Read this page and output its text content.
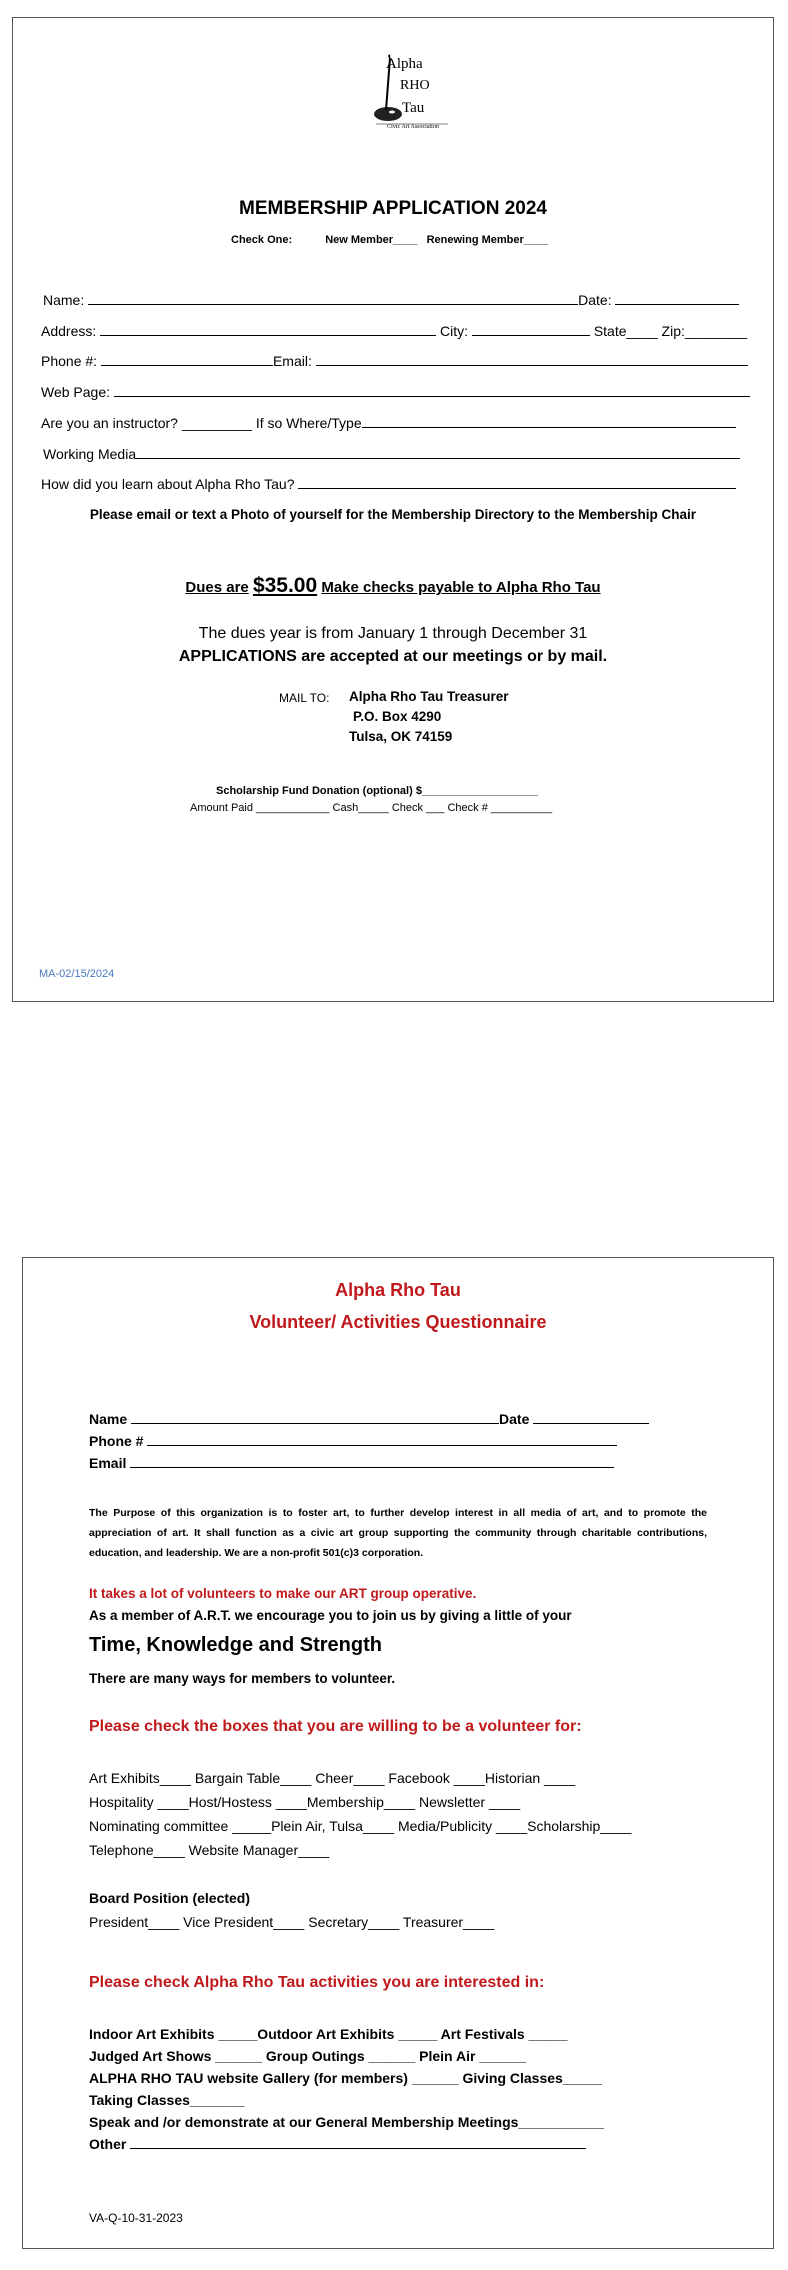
Alpha
RHO
Tau
Civic Art Association
MEMBERSHIP APPLICATION 2024
Check One:	New Member____ Renewing Member____
Name:	Date:
Address:	City:	State____ Zip:________
Phone #:	Email:
Web Page:
Are you an instructor? _________ If so Where/Type
Working Media
How did you learn about Alpha Rho Tau?
Please email or text a Photo of yourself for the Membership Directory to the Membership Chair
Dues are $35.00 Make checks payable to Alpha Rho Tau
The dues year is from January 1 through December 31
APPLICATIONS are accepted at our meetings or by mail.
MAIL TO: Alpha Rho Tau Treasurer
P.O. Box 4290
Tulsa, OK 74159
Scholarship Fund Donation (optional) $___________________
Amount Paid ____________ Cash_____ Check ___ Check # __________
MA-02/15/2024
Alpha Rho Tau
Volunteer/ Activities Questionnaire
Name	Date
Phone #
Email
The Purpose of this organization is to foster art, to further develop interest in all media of art, and to promote the appreciation of art. It shall function as a civic art group supporting the community through charitable contributions, education, and leadership. We are a non-profit 501(c)3 corporation.
It takes a lot of volunteers to make our ART group operative.
As a member of A.R.T. we encourage you to join us by giving a little of your
Time, Knowledge and Strength
There are many ways for members to volunteer.
Please check the boxes that you are willing to be a volunteer for:
Art Exhibits____ Bargain Table____ Cheer____ Facebook ____Historian ____
Hospitality ____Host/Hostess ____Membership____ Newsletter ____
Nominating committee _____Plein Air, Tulsa____ Media/Publicity ____Scholarship____
Telephone____ Website Manager____
Board Position (elected)
President____ Vice President____ Secretary____ Treasurer____
Please check Alpha Rho Tau activities you are interested in:
Indoor Art Exhibits _____Outdoor Art Exhibits _____ Art Festivals _____
Judged Art Shows ______ Group Outings ______ Plein Air ______
ALPHA RHO TAU website Gallery (for members) ______ Giving Classes_____
Taking Classes_______
Speak and /or demonstrate at our General Membership Meetings___________
Other
VA-Q-10-31-2023
